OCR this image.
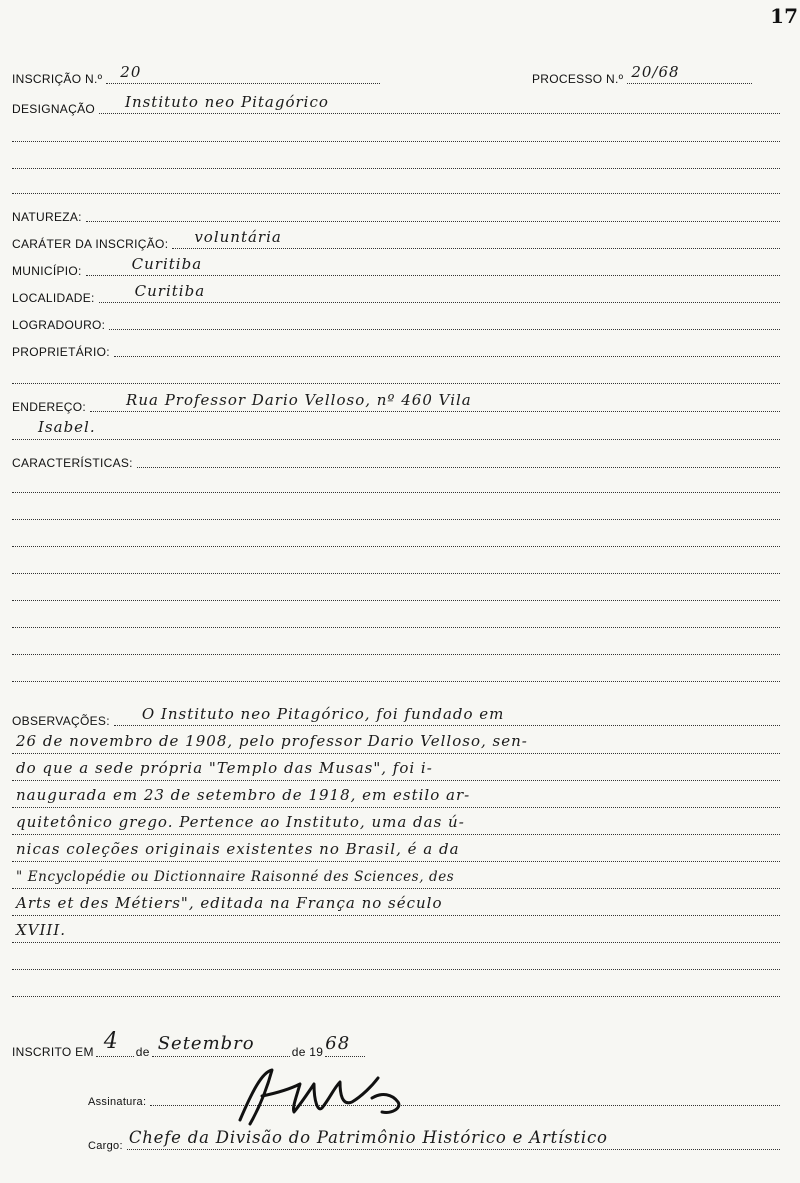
17
INSCRIÇÃO N.º 20	PROCESSO N.º 20/68
DESIGNAÇÃO Instituto neo Pitagórico
NATUREZA:
CARÁTER DA INSCRIÇÃO: voluntária
MUNICÍPIO:	Curitiba
LOCALIDADE:	Curitiba
LOGRADOURO:
PROPRIETÁRIO:
ENDEREÇO:	Rua Professor Dario Velloso, nº 460 Vila
Isabel.
CARACTERÍSTICAS:
OBSERVAÇÕES: O Instituto neo Pitagórico, foi fundado em
26 de novembro de 1908, pelo professor Dario Velloso, sen-
do que a sede própria "Templo das Musas", foi i-
naugurada em 23 de setembro de 1918, em estilo ar-
quitetônico grego. Pertence ao Instituto, uma das ú-
nicas coleções originais existentes no Brasil, é a da
" Encyclopédie ou Dictionnaire Raisonné des Sciences, des
Arts et des Métiers", editada na França no século
XVIII.
INSCRITO EM 4 de Setembro	de 19 68
Assinatura:
Cargo: Chefe da Divisão do Patrimônio Histórico e Artístico
